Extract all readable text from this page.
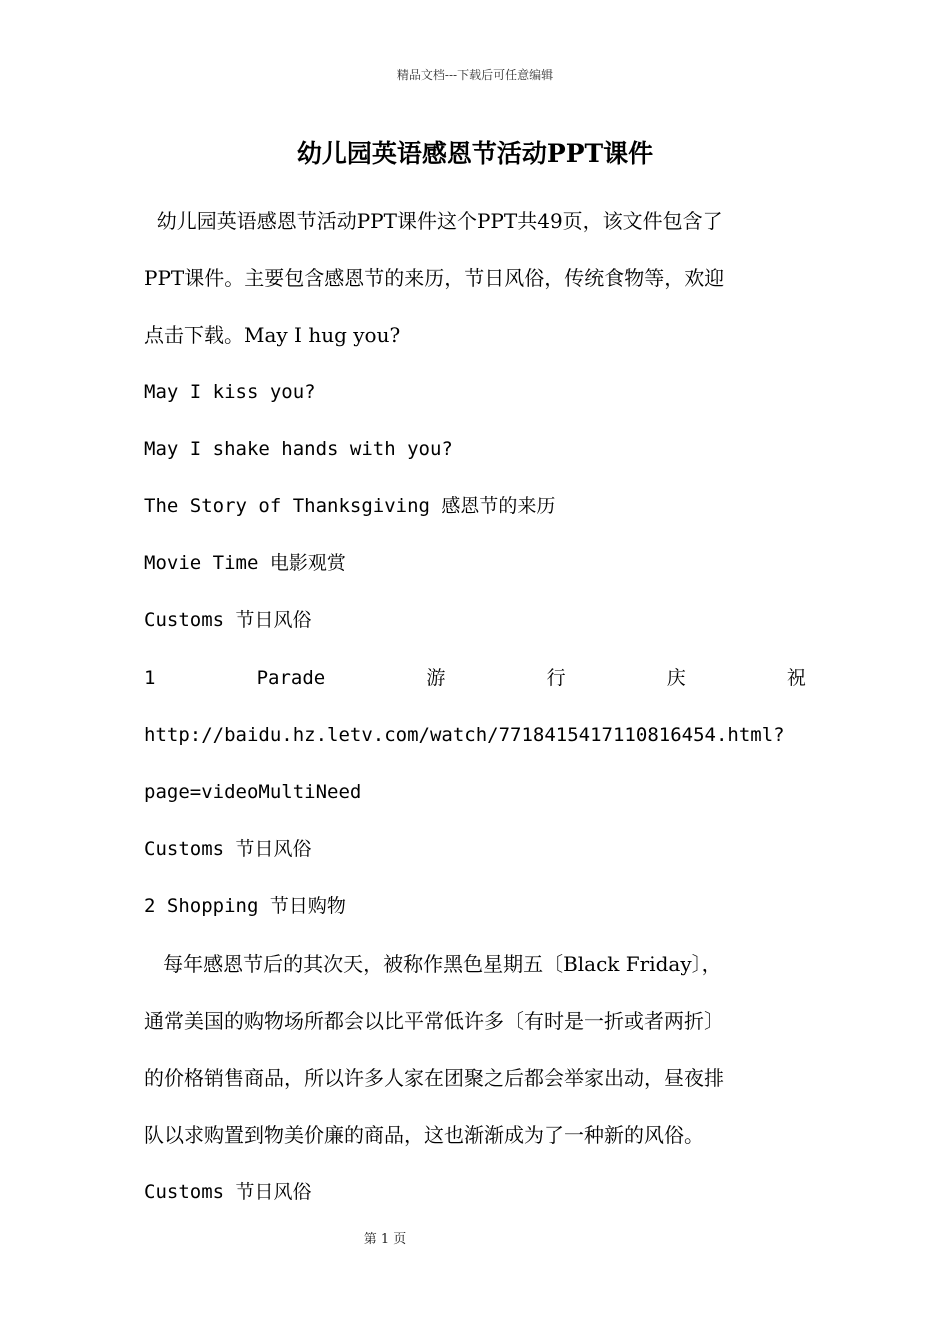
精品文档---下载后可任意编辑
幼儿园英语感恩节活动PPT课件
幼儿园英语感恩节活动PPT课件这个PPT共49页，该文件包含了
PPT课件。主要包含感恩节的来历，节日风俗，传统食物等，欢迎
点击下载。May I hug you?
May I kiss you?
May I shake hands with you?
The Story of Thanksgiving 感恩节的来历
Movie Time 电影观赏
Customs 节日风俗
1	Parade	游	行	庆	祝
http://baidu.hz.letv.com/watch/7718415417110816454.html?
page=videoMultiNeed
Customs 节日风俗
2 Shopping 节日购物
每年感恩节后的其次天，被称作黑色星期五〔Black Friday〕，
通常美国的购物场所都会以比平常低许多〔有时是一折或者两折〕
的价格销售商品，所以许多人家在团聚之后都会举家出动，昼夜排
队以求购置到物美价廉的商品，这也渐渐成为了一种新的风俗。
Customs 节日风俗
第 1 页
